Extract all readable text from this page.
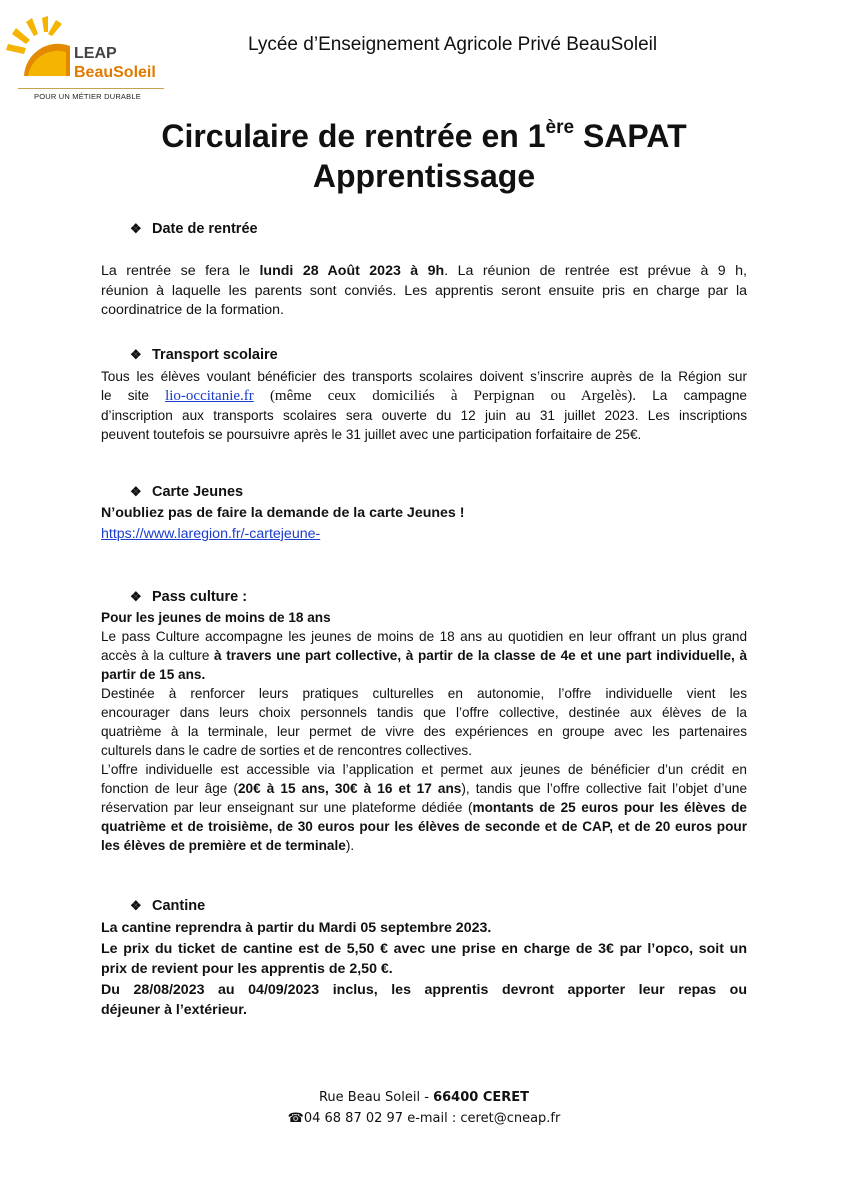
LEAP
BeauSoleil
POUR UN MÉTIER DURABLE
Lycée d’Enseignement Agricole Privé BeauSoleil
Circulaire de rentrée en 1ère SAPAT
Apprentissage
❖ Date de rentrée
La rentrée se fera le lundi 28 Août 2023 à 9h. La réunion de rentrée est prévue à 9 h,
réunion à laquelle les parents sont conviés. Les apprentis seront ensuite pris en charge par la
coordinatrice de la formation.
❖ Transport scolaire
Tous les élèves voulant bénéficier des transports scolaires doivent s’inscrire auprès de la Région sur
le site lio-occitanie.fr (même ceux domiciliés à Perpignan ou Argelès). La campagne
d’inscription aux transports scolaires sera ouverte du 12 juin au 31 juillet 2023. Les inscriptions
peuvent toutefois se poursuivre après le 31 juillet avec une participation forfaitaire de 25€.
❖ Carte Jeunes
N’oubliez pas de faire la demande de la carte Jeunes !
https://www.laregion.fr/-cartejeune-
❖ Pass culture :
Pour les jeunes de moins de 18 ans
Le pass Culture accompagne les jeunes de moins de 18 ans au quotidien en leur offrant un plus grand
accès à la culture à travers une part collective, à partir de la classe de 4e et une part individuelle, à
partir de 15 ans.
Destinée à renforcer leurs pratiques culturelles en autonomie, l’offre individuelle vient les
encourager dans leurs choix personnels tandis que l’offre collective, destinée aux élèves de la
quatrième à la terminale, leur permet de vivre des expériences en groupe avec les partenaires
culturels dans le cadre de sorties et de rencontres collectives.
L’offre individuelle est accessible via l’application et permet aux jeunes de bénéficier d’un crédit en
fonction de leur âge (20€ à 15 ans, 30€ à 16 et 17 ans), tandis que l’offre collective fait l’objet d’une
réservation par leur enseignant sur une plateforme dédiée (montants de 25 euros pour les élèves de
quatrième et de troisième, de 30 euros pour les élèves de seconde et de CAP, et de 20 euros pour
les élèves de première et de terminale).
❖ Cantine
La cantine reprendra à partir du Mardi 05 septembre 2023.
Le prix du ticket de cantine est de 5,50 € avec une prise en charge de 3€ par l’opco, soit un
prix de revient pour les apprentis de 2,50 €.
Du 28/08/2023 au 04/09/2023 inclus, les apprentis devront apporter leur repas ou
déjeuner à l’extérieur.
Rue Beau Soleil - 66400 CERET
☎04 68 87 02 97 e-mail : ceret@cneap.fr
